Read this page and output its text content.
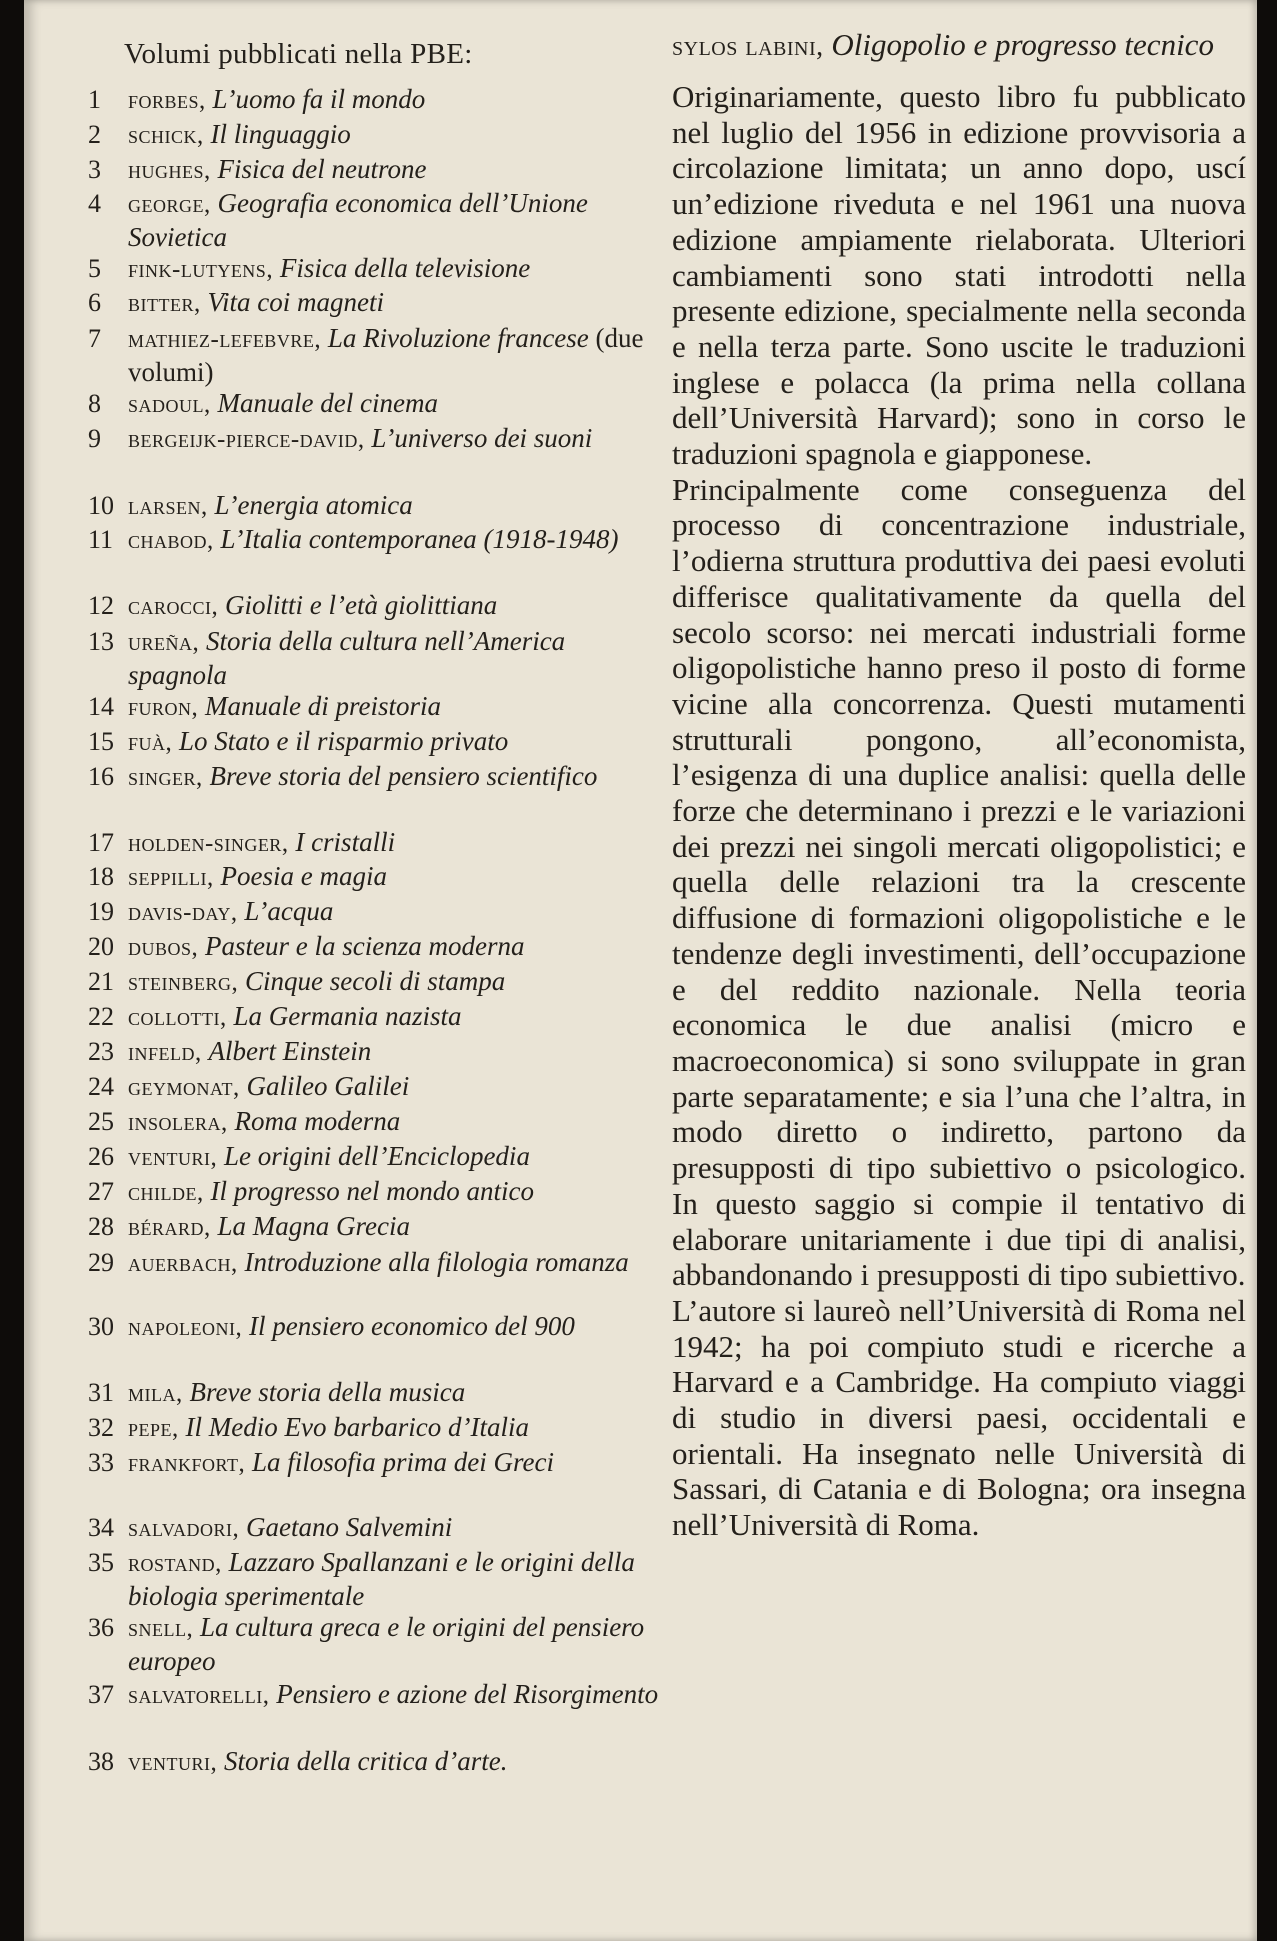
Volumi pubblicati nella PBE:
1	forbes, L’uomo fa il mondo
2	schick, Il linguaggio
3	hughes, Fisica del neutrone
4	george, Geografia economica dell’Unione Sovietica
5	fink-lutyens, Fisica della televisione
6	bitter, Vita coi magneti
7	mathiez-lefebvre, La Rivoluzione francese (due volumi)
8	sadoul, Manuale del cinema
9	bergeijk-pierce-david, L’universo dei suoni
10 larsen, L’energia atomica
11 chabod, L’Italia contemporanea (1918-1948)
12 carocci, Giolitti e l’età giolittiana
13 ureña, Storia della cultura nell’America spagnola
14 furon, Manuale di preistoria
15 fuà, Lo Stato e il risparmio privato
16 singer, Breve storia del pensiero scientifico
17 holden-singer, I cristalli
18 seppilli, Poesia e magia
19 davis-day, L’acqua
20 dubos, Pasteur e la scienza moderna
21 steinberg, Cinque secoli di stampa
22 collotti, La Germania nazista
23 infeld, Albert Einstein
24 geymonat, Galileo Galilei
25 insolera, Roma moderna
26 venturi, Le origini dell’Enciclopedia
27 childe, Il progresso nel mondo antico
28 bérard, La Magna Grecia
29 auerbach, Introduzione alla filologia romanza
30 napoleoni, Il pensiero economico del 900
31 mila, Breve storia della musica
32 pepe, Il Medio Evo barbarico d’Italia
33 frankfort, La filosofia prima dei Greci
34 salvadori, Gaetano Salvemini
35 rostand, Lazzaro Spallanzani e le origini della biologia sperimentale
36 snell, La cultura greca e le origini del pensiero europeo
37 salvatorelli, Pensiero e azione del Risorgimento
38 venturi, Storia della critica d’arte.
sylos labini, Oligopolio e progresso tecnico

Originariamente, questo libro fu pubblicato nel luglio del 1956 in edizione provvisoria a circolazione limitata; un anno dopo, uscí un’edizione riveduta e nel 1961 una nuova edizione ampiamente rielaborata. Ulteriori cambiamenti sono stati introdotti nella presente edizione, specialmente nella seconda e nella terza parte. Sono uscite le traduzioni inglese e polacca (la prima nella collana dell’Università Harvard); sono in corso le traduzioni spagnola e giapponese.

Principalmente come conseguenza del processo di concentrazione industriale, l’odierna struttura produttiva dei paesi evoluti differisce qualitativamente da quella del secolo scorso: nei mercati industriali forme oligopolistiche hanno preso il posto di forme vicine alla concorrenza. Questi mutamenti strutturali pongono, all’economista, l’esigenza di una duplice analisi: quella delle forze che determinano i prezzi e le variazioni dei prezzi nei singoli mercati oligopolistici; e quella delle relazioni tra la crescente diffusione di formazioni oligopolistiche e le tendenze degli investimenti, dell’occupazione e del reddito nazionale. Nella teoria economica le due analisi (micro e macroeconomica) si sono sviluppate in gran parte separatamente; e sia l’una che l’altra, in modo diretto o indiretto, partono da presupposti di tipo subiettivo o psicologico. In questo saggio si compie il tentativo di elaborare unitariamente i due tipi di analisi, abbandonando i presupposti di tipo subiettivo.

L’autore si laureò nell’Università di Roma nel 1942; ha poi compiuto studi e ricerche a Harvard e a Cambridge. Ha compiuto viaggi di studio in diversi paesi, occidentali e orientali. Ha insegnato nelle Università di Sassari, di Catania e di Bologna; ora insegna nell’Università di Roma.
